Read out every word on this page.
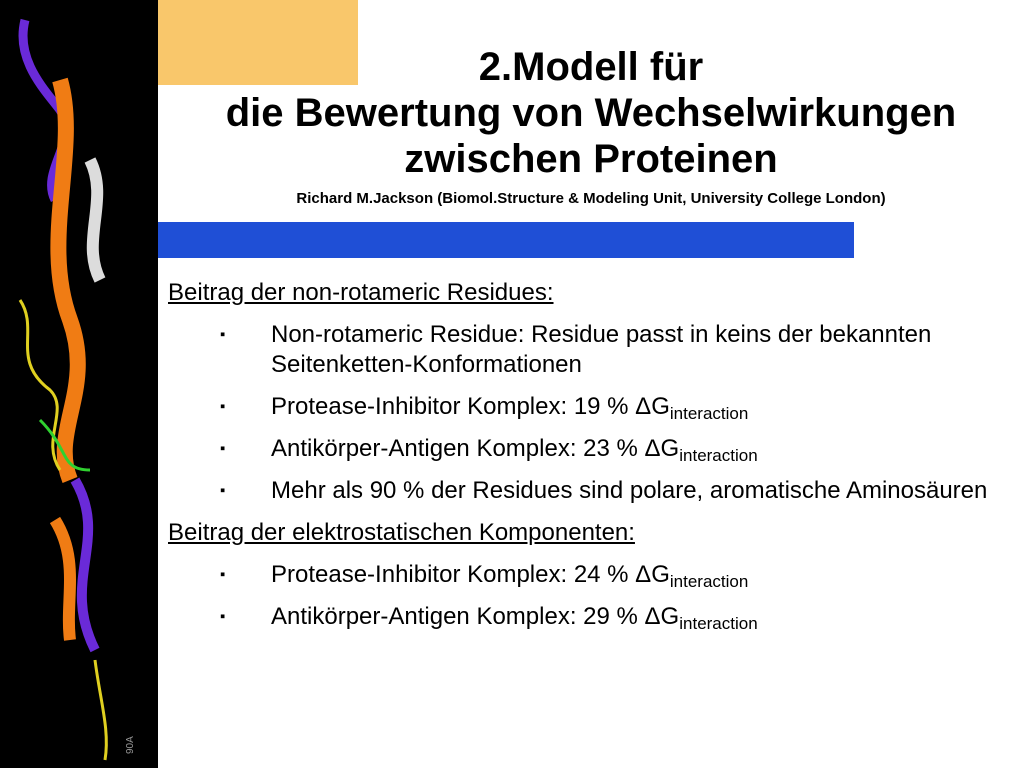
90A
2.Modell für
die Bewertung von Wechselwirkungen
zwischen Proteinen
Richard M.Jackson (Biomol.Structure & Modeling Unit, University College London)
Beitrag der non-rotameric Residues:
▪ Non-rotameric Residue: Residue passt in keins der bekannten Seitenketten-Konformationen
▪ Protease-Inhibitor Komplex: 19 % $\Delta G_{interaction}$
▪ Antikörper-Antigen Komplex: 23 % $\Delta G_{interaction}$
▪ Mehr als 90 % der Residues sind polare, aromatische Aminosäuren
Beitrag der elektrostatischen Komponenten:
▪ Protease-Inhibitor Komplex: 24 % $\Delta G_{interaction}$
▪ Antikörper-Antigen Komplex: 29 % $\Delta G_{interaction}$
